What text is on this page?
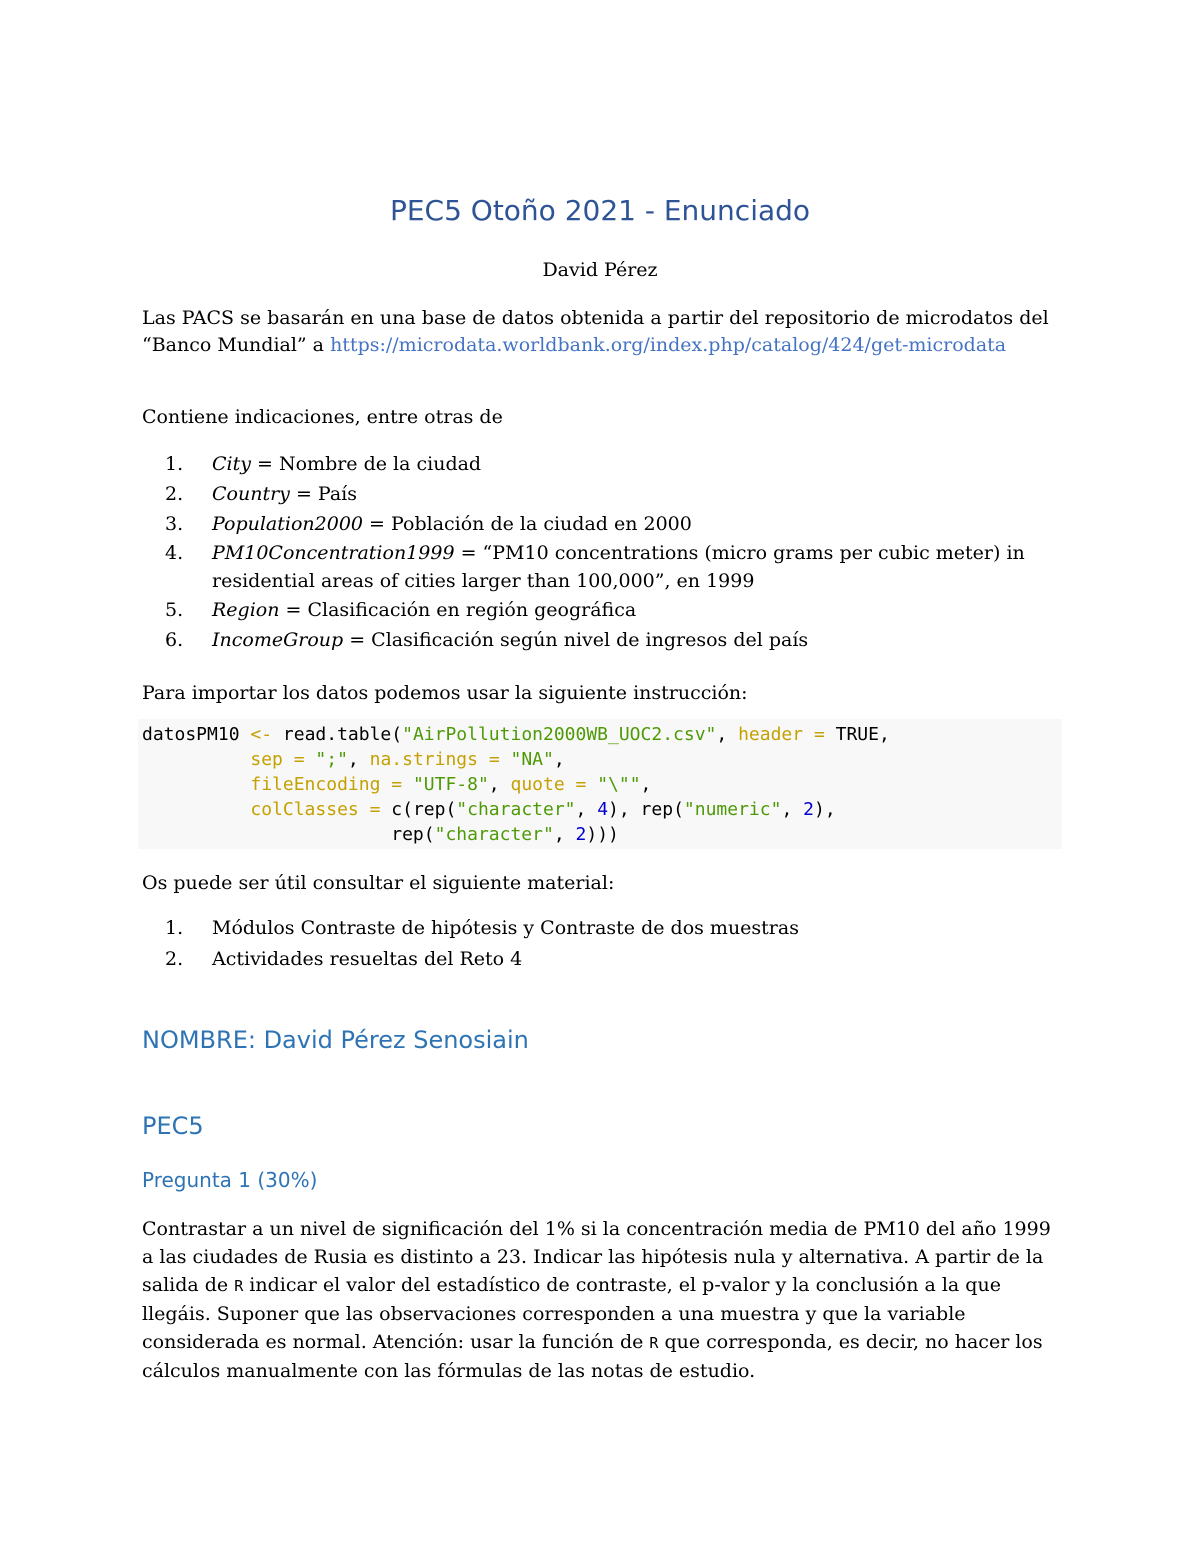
PEC5 Otoño 2021 - Enunciado

David Pérez

Las PACS se basarán en una base de datos obtenida a partir del repositorio de microdatos del “Banco Mundial” a https://microdata.worldbank.org/index.php/catalog/424/get-microdata

Contiene indicaciones, entre otras de

1. City = Nombre de la ciudad
2. Country = País
3. Population2000 = Población de la ciudad en 2000
4. PM10Concentration1999 = “PM10 concentrations (micro grams per cubic meter) in residential areas of cities larger than 100,000”, en 1999
5. Region = Clasificación en región geográfica
6. IncomeGroup = Clasificación según nivel de ingresos del país

Para importar los datos podemos usar la siguiente instrucción:

datosPM10 <- read.table("AirPollution2000WB_UOC2.csv", header = TRUE,
sep = ";", na.strings = "NA",
fileEncoding = "UTF-8", quote = "\"",
colClasses = c(rep("character", 4), rep("numeric", 2),
rep("character", 2)))

Os puede ser útil consultar el siguiente material:

1. Módulos Contraste de hipótesis y Contraste de dos muestras
2. Actividades resueltas del Reto 4
NOMBRE: David Pérez Senosiain
PEC5
Pregunta 1 (30%)

Contrastar a un nivel de significación del 1% si la concentración media de PM10 del año 1999 a las ciudades de Rusia es distinto a 23. Indicar las hipótesis nula y alternativa. A partir de la salida de R indicar el valor del estadístico de contraste, el p-valor y la conclusión a la que llegáis. Suponer que las observaciones corresponden a una muestra y que la variable considerada es normal. Atención: usar la función de R que corresponda, es decir, no hacer los cálculos manualmente con las fórmulas de las notas de estudio.
